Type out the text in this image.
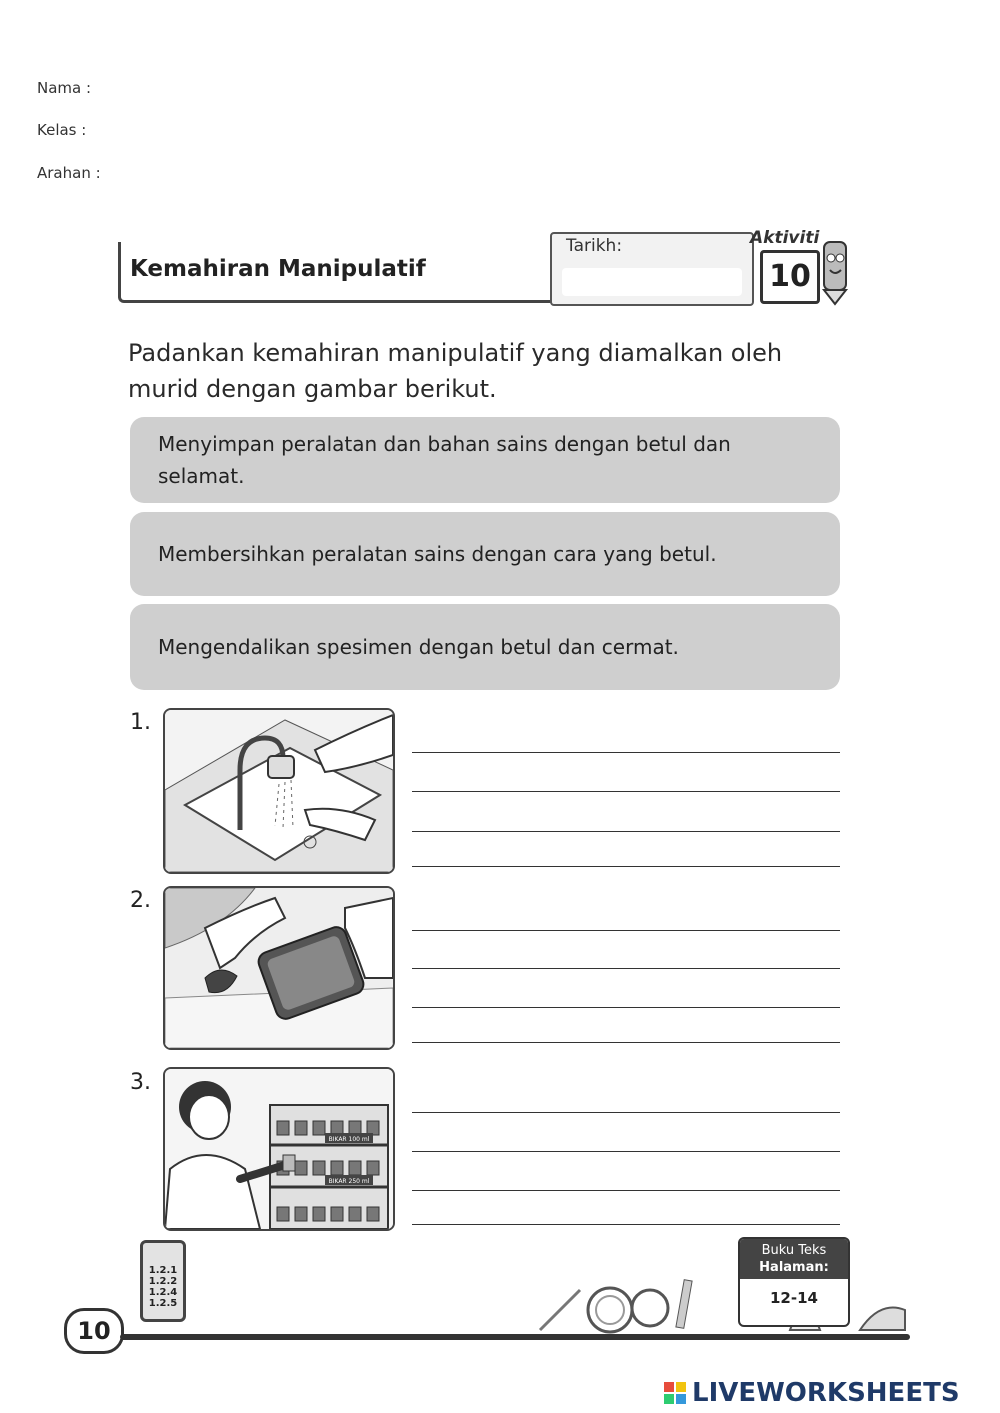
Nama :
Kelas :
Arahan :
Kemahiran Manipulatif
Tarikh:	Aktiviti
10
Padankan kemahiran manipulatif yang diamalkan oleh murid dengan gambar berikut.
Menyimpan peralatan dan bahan sains dengan betul dan selamat.
Membersihkan peralatan sains dengan cara yang betul.
Mengendalikan spesimen dengan betul dan cermat.
1.
2.
3.
BIKAR 100 ml
BIKAR 250 ml
1.2.1
1.2.2
1.2.4
1.2.5
10
Buku Teks
Halaman:
12-14
LIVEWORKSHEETS
